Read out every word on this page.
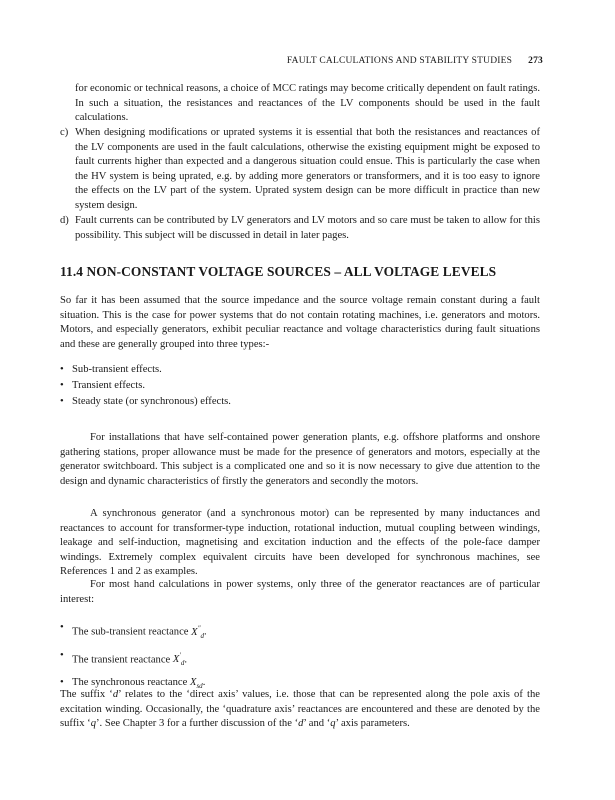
FAULT CALCULATIONS AND STABILITY STUDIES 273

for economic or technical reasons, a choice of MCC ratings may become critically dependent on fault ratings. In such a situation, the resistances and reactances of the LV components should be used in the fault calculations.

c) When designing modifications or uprated systems it is essential that both the resistances and reactances of the LV components are used in the fault calculations, otherwise the existing equipment might be exposed to fault currents higher than expected and a dangerous situation could ensue. This is particularly the case when the HV system is being uprated, e.g. by adding more generators or transformers, and it is too easy to ignore the effects on the LV part of the system. Uprated system design can be more difficult in practice than new system design.

d) Fault currents can be contributed by LV generators and LV motors and so care must be taken to allow for this possibility. This subject will be discussed in detail in later pages.

11.4 NON-CONSTANT VOLTAGE SOURCES – ALL VOLTAGE LEVELS

So far it has been assumed that the source impedance and the source voltage remain constant during a fault situation. This is the case for power systems that do not contain rotating machines, i.e. generators and motors. Motors, and especially generators, exhibit peculiar reactance and voltage characteristics during fault situations and these are generally grouped into three types:-

• Sub-transient effects.
• Transient effects.
• Steady state (or synchronous) effects.

For installations that have self-contained power generation plants, e.g. offshore platforms and onshore gathering stations, proper allowance must be made for the presence of generators and motors, especially at the generator switchboard. This subject is a complicated one and so it is now necessary to give due attention to the design and dynamic characteristics of firstly the generators and secondly the motors.

A synchronous generator (and a synchronous motor) can be represented by many inductances and reactances to account for transformer-type induction, rotational induction, mutual coupling between windings, leakage and self-induction, magnetising and excitation induction and the effects of the pole-face damper windings. Extremely complex equivalent circuits have been developed for synchronous machines, see References 1 and 2 as examples.

For most hand calculations in power systems, only three of the generator reactances are of particular interest:

• The sub-transient reactance $X''_d$.
• The transient reactance $X'_d$.
• The synchronous reactance $X_{sd}$.

The suffix ‘d’ relates to the ‘direct axis’ values, i.e. those that can be represented along the pole axis of the excitation winding. Occasionally, the ‘quadrature axis’ reactances are encountered and these are denoted by the suffix ‘q’. See Chapter 3 for a further discussion of the ‘d’ and ‘q’ axis parameters.
